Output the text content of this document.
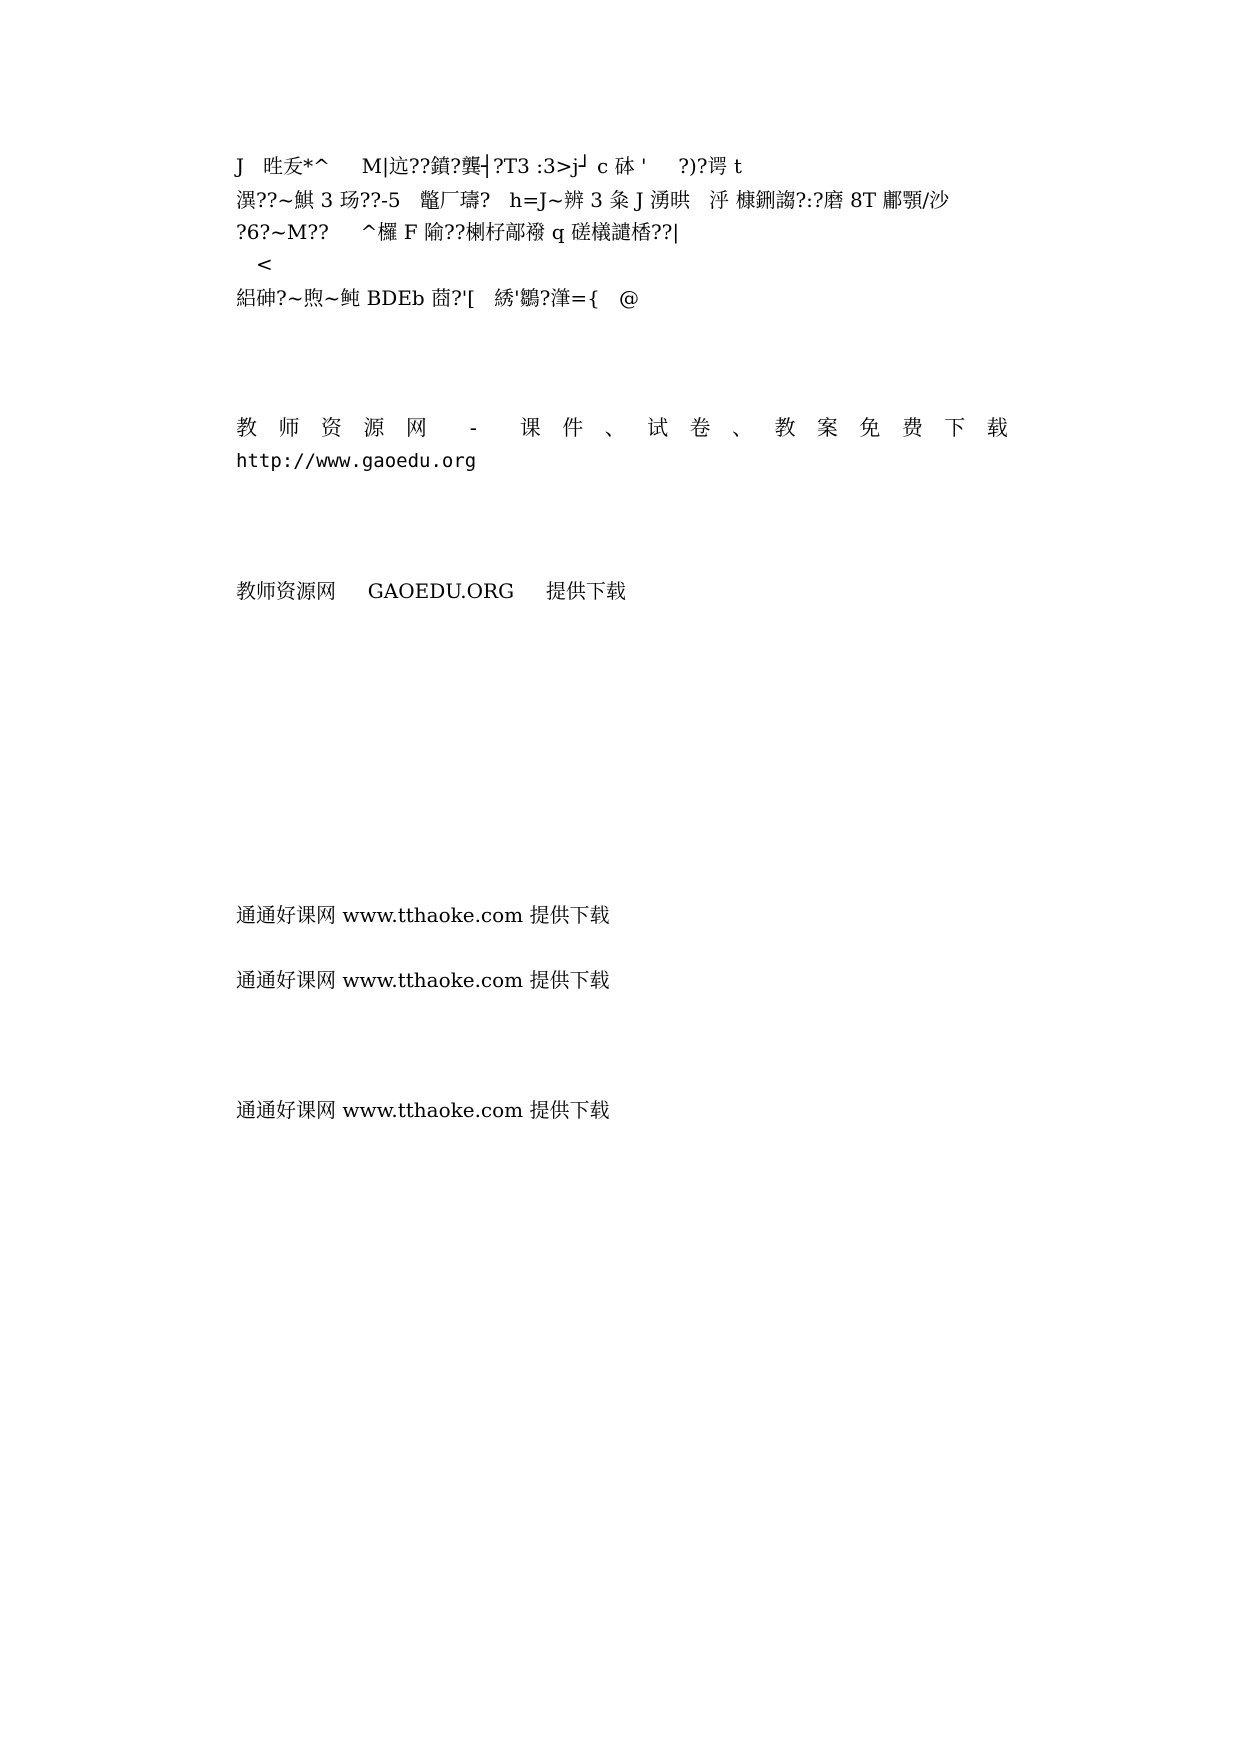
J   甠叐*^     M|迒??鐼?龔┤?T3 :3>j┘ c 砵 '     ?)?谔 t
潩??~鯕 3 玚??-5   鼈厂璹?   h=J~辨 3 粂 J 湧晎   泘 槺鉶謅?:?磨 8T 鄘顎/沙
?6?~M??     ^欏 F 隃??楋杍鄗襏 q 磋檥譴楿??|
<
絽砷?~煦~鲀 BDEb 莔?'[   綉'鶵?潷={   @
教 师 资 源 网 - 课 件 、 试 卷 、 教 案 免 费 下 载
http://www.gaoedu.org
教师资源网     GAOEDU.ORG     提供下载
通通好课网 www.tthaoke.com 提供下载
通通好课网 www.tthaoke.com 提供下载
通通好课网 www.tthaoke.com 提供下载
